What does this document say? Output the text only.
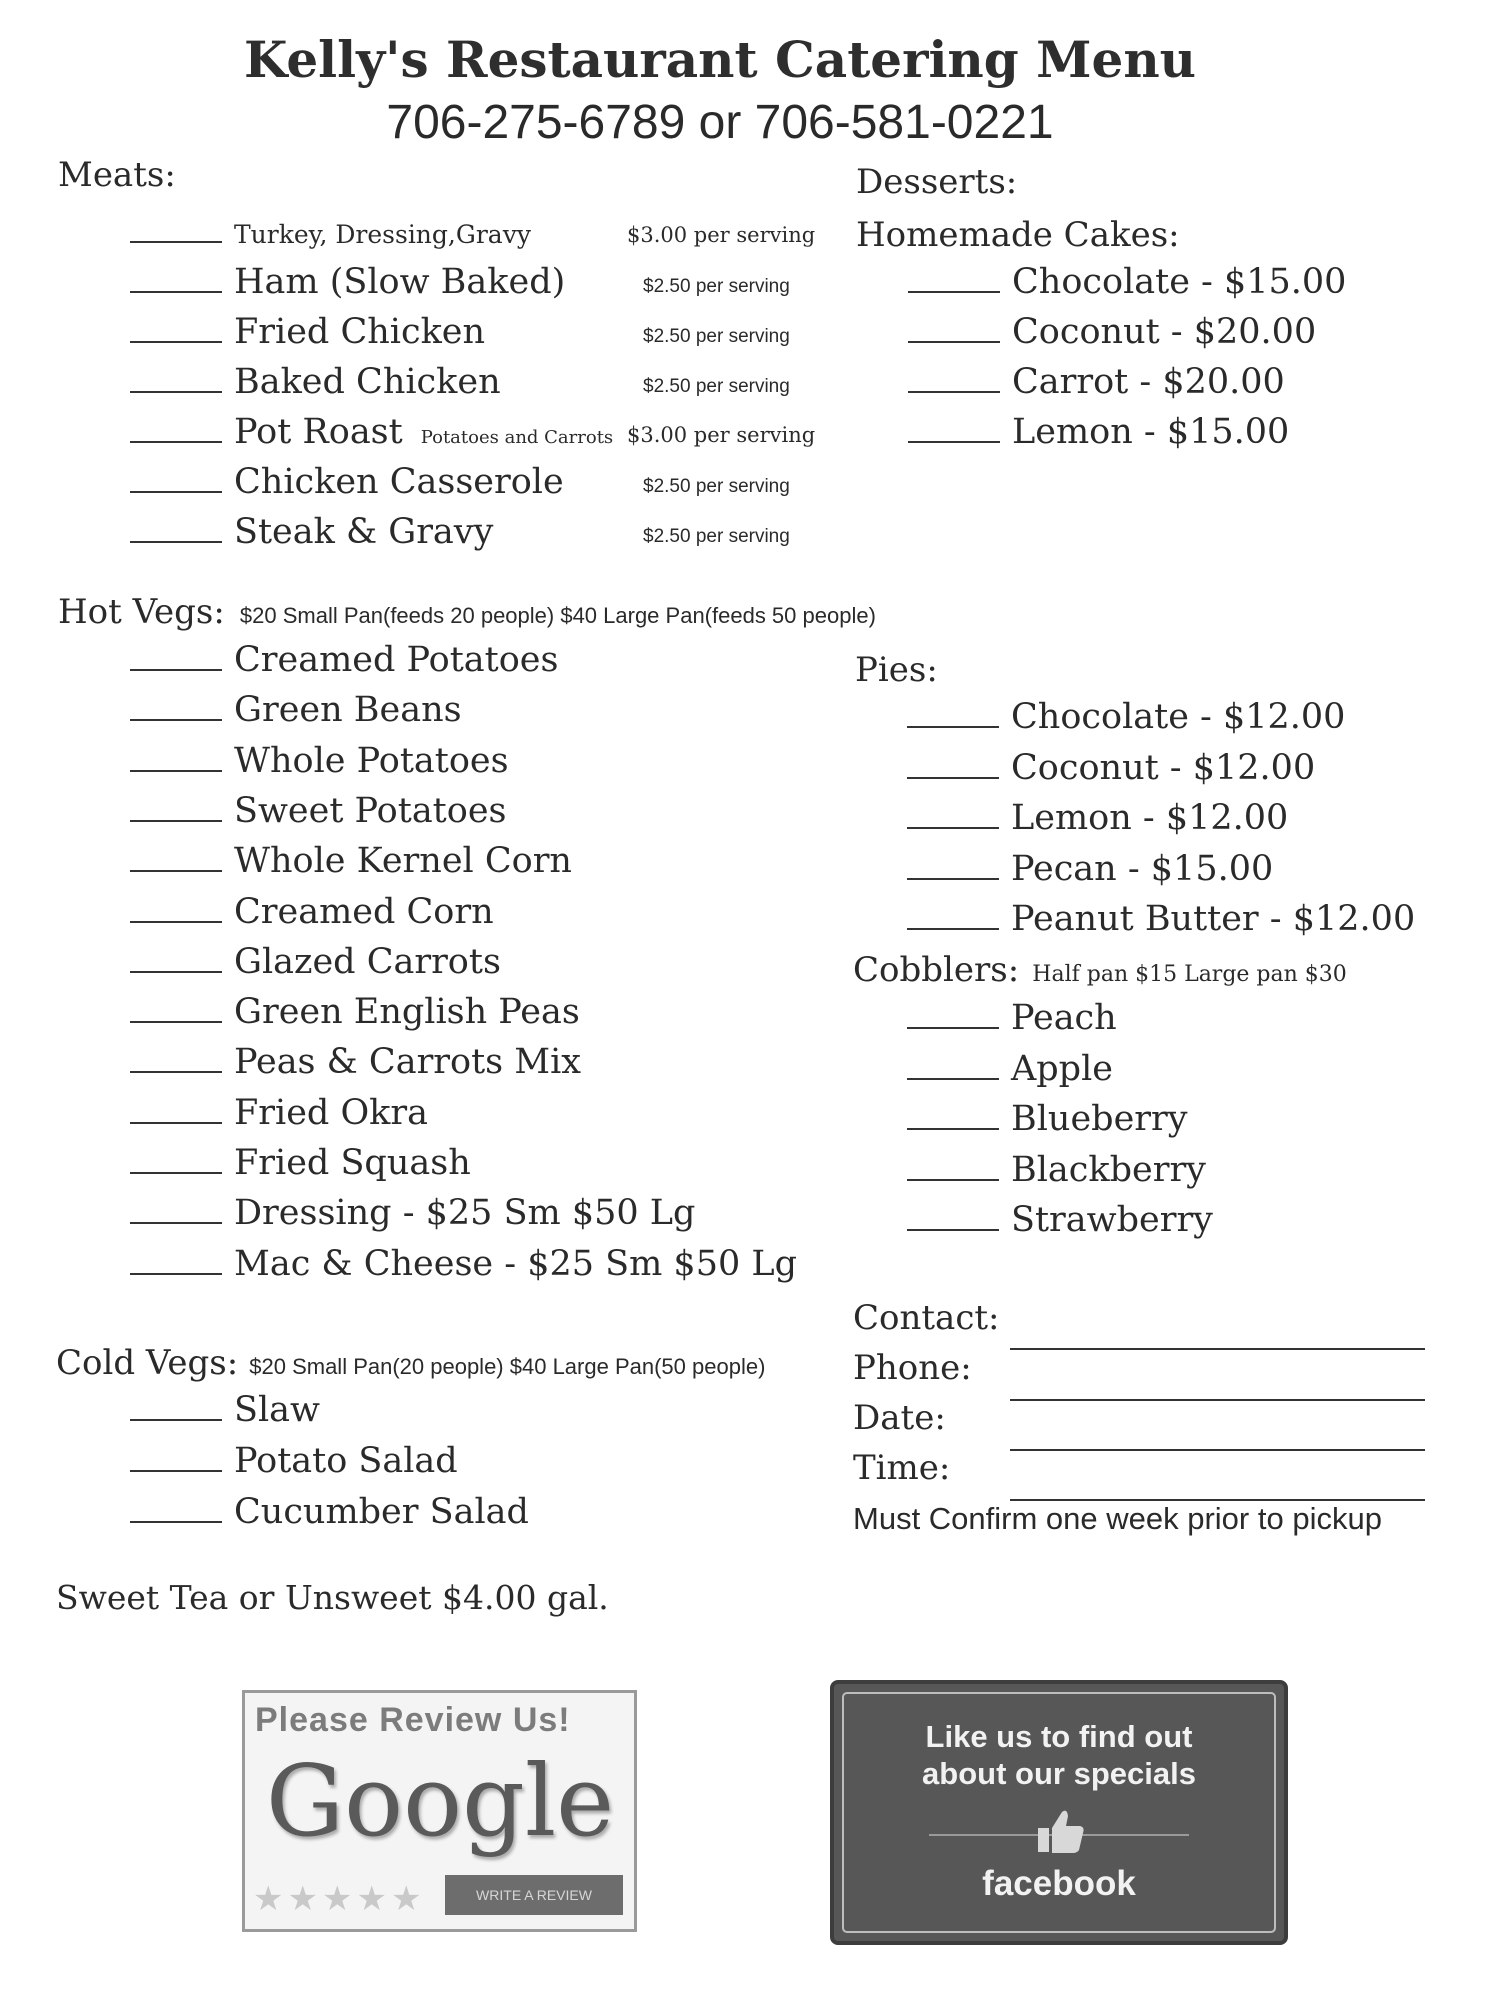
Kelly's Restaurant Catering Menu
706-275-6789 or 706-581-0221
Meats:
Turkey, Dressing,Gravy	$3.00 per serving
Ham (Slow Baked)	$2.50 per serving
Fried Chicken	$2.50 per serving
Baked Chicken	$2.50 per serving
Pot Roast Potatoes and Carrots $3.00 per serving
Chicken Casserole	$2.50 per serving
Steak & Gravy	$2.50 per serving
Hot Vegs: $20 Small Pan(feeds 20 people) $40 Large Pan(feeds 50 people)
Creamed Potatoes
Green Beans
Whole Potatoes
Sweet Potatoes
Whole Kernel Corn
Creamed Corn
Glazed Carrots
Green English Peas
Peas & Carrots Mix
Fried Okra
Fried Squash
Dressing - $25 Sm $50 Lg
Mac & Cheese - $25 Sm $50 Lg
Cold Vegs: $20 Small Pan(20 people) $40 Large Pan(50 people)
Slaw
Potato Salad
Cucumber Salad
Sweet Tea or Unsweet $4.00 gal.
Desserts:
Homemade Cakes:
Chocolate - $15.00
Coconut - $20.00
Carrot - $20.00
Lemon - $15.00
Pies:
Chocolate - $12.00
Coconut - $12.00
Lemon - $12.00
Pecan - $15.00
Peanut Butter - $12.00
Cobblers: Half pan $15 Large pan $30
Peach
Apple
Blueberry
Blackberry
Strawberry
Contact:
Phone:
Date:
Time:
Must Confirm one week prior to pickup
Please Review Us!
Google
★★★★★	WRITE A REVIEW
Like us to find out
about our specials
facebook
